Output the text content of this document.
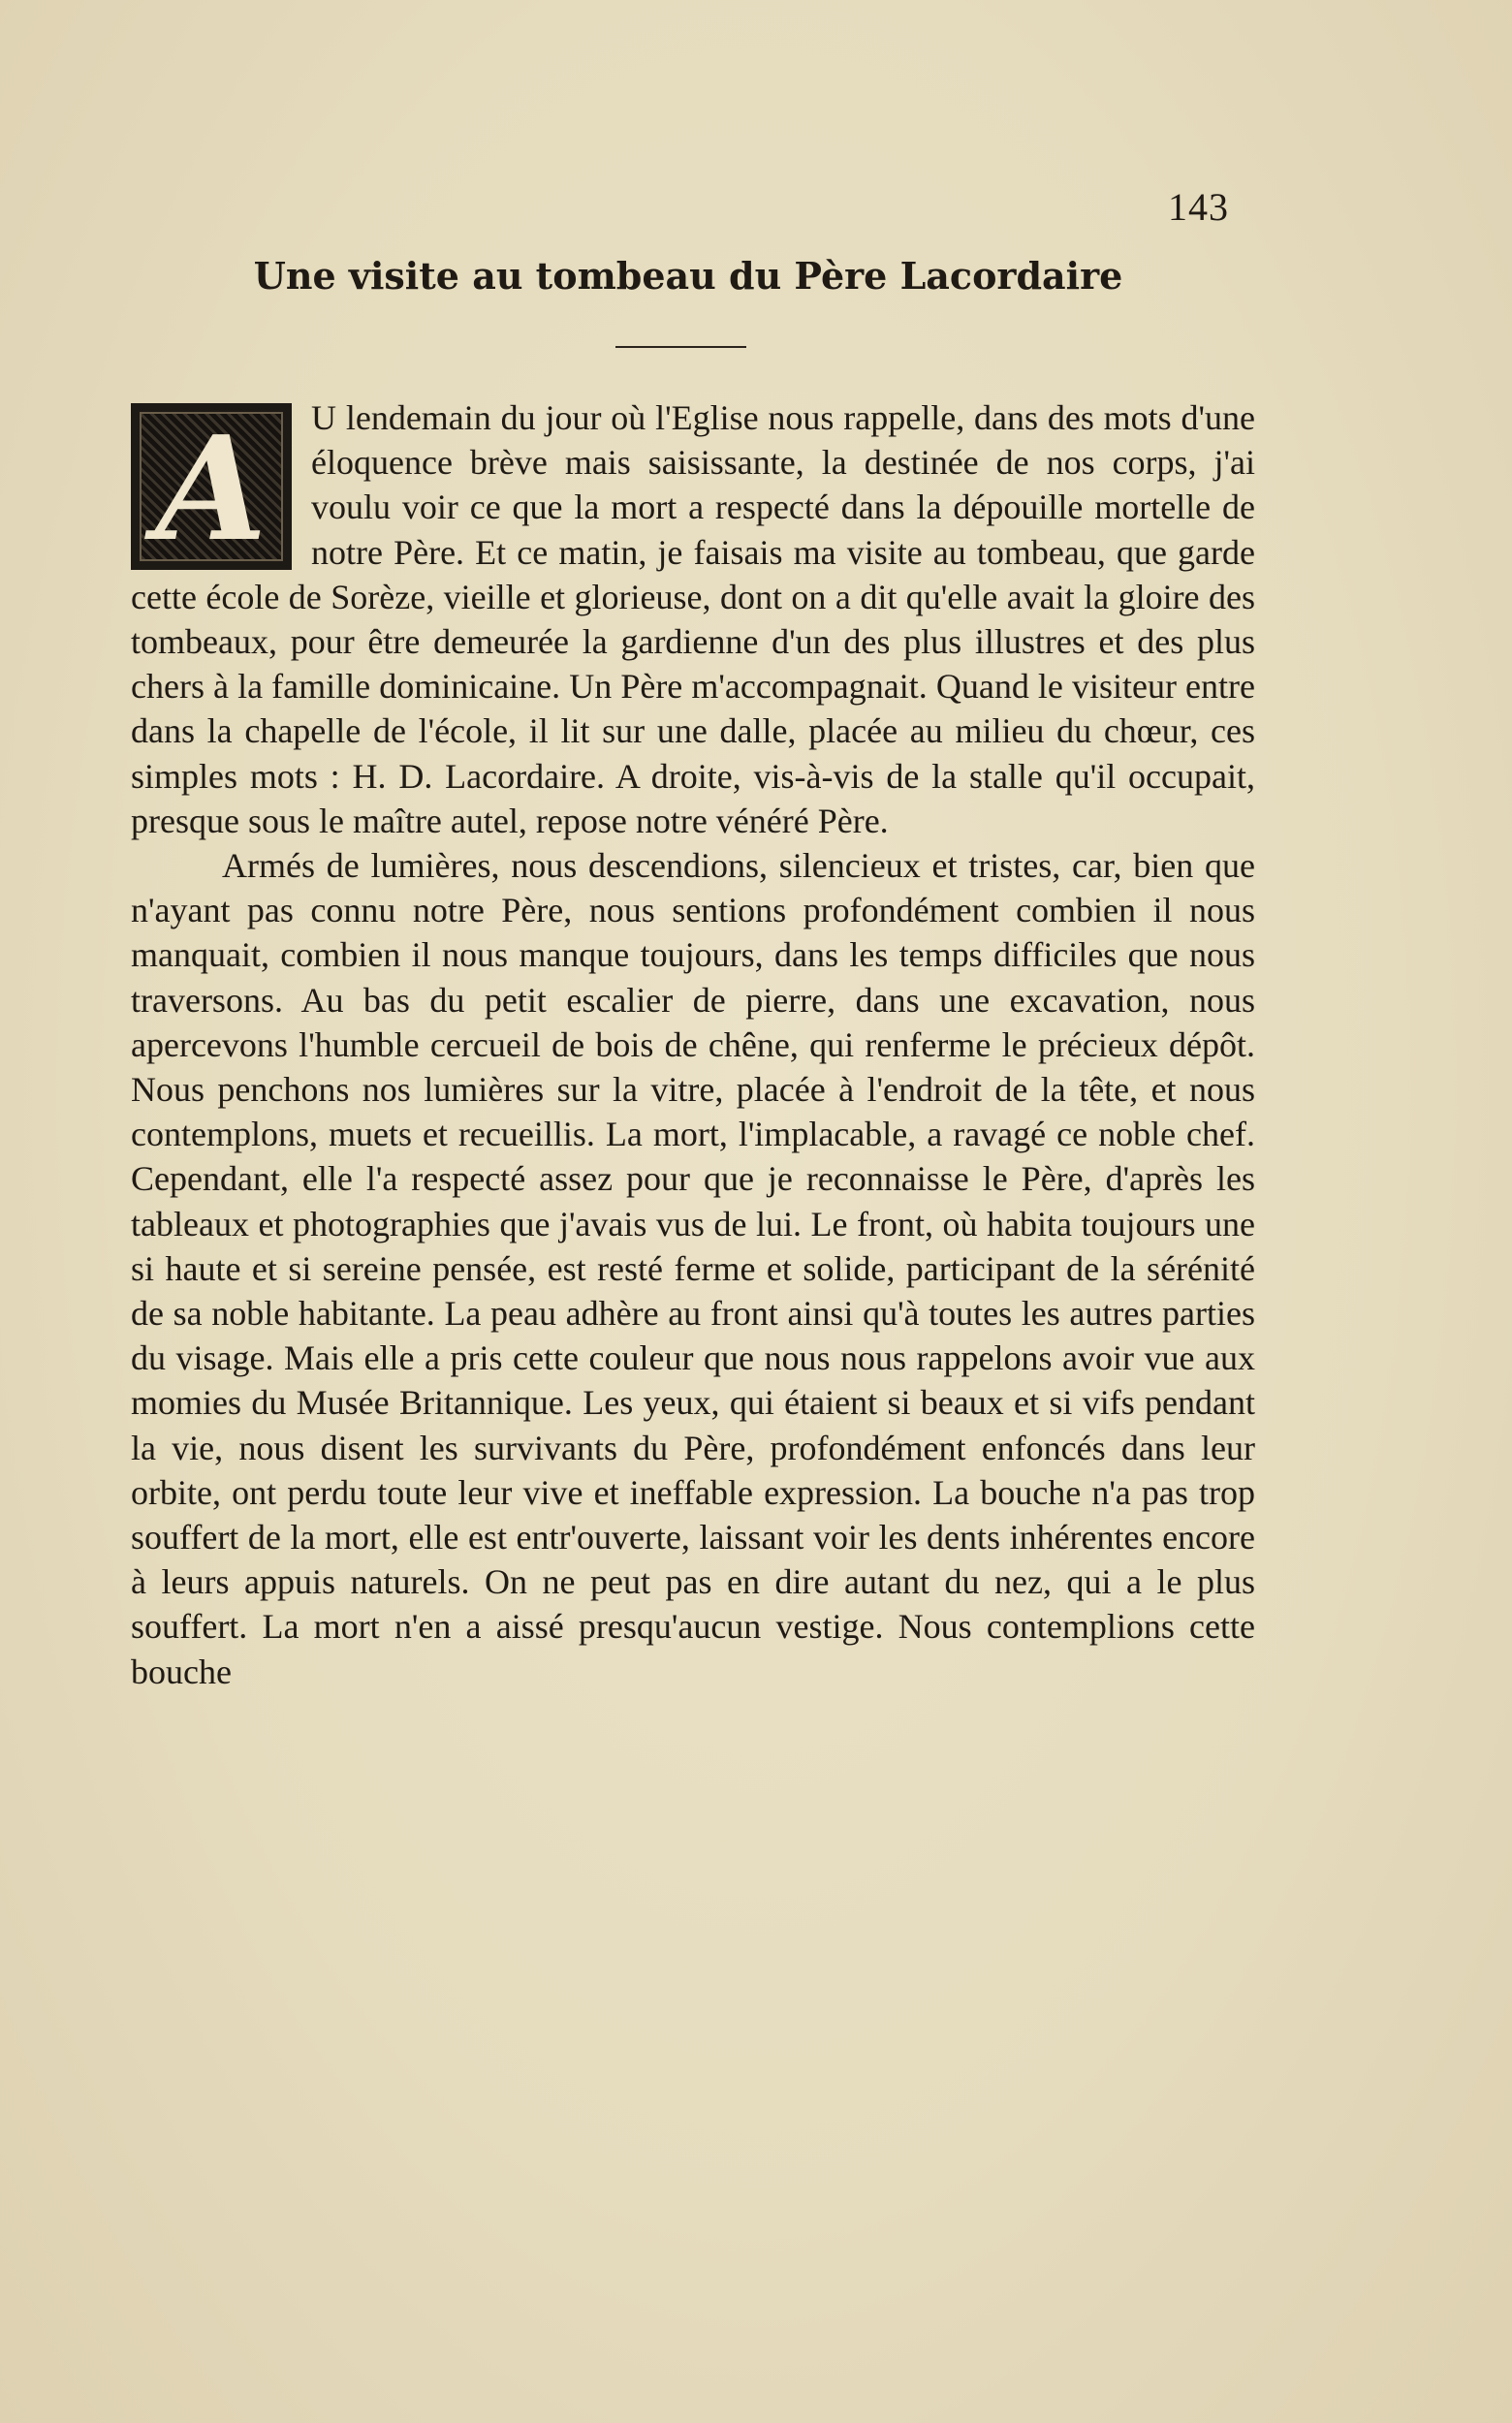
143
Une visite au tombeau du Père Lacordaire
A	U lendemain du jour où l'Eglise nous rappelle, dans des mots d'une éloquence brève mais saisissante, la destinée de nos corps, j'ai voulu voir ce que la mort a respecté dans la dépouille mortelle de notre Père. Et ce matin, je faisais ma visite au tombeau, que garde cette école de Sorèze, vieille et glorieuse, dont on a dit qu'elle avait la gloire des tombeaux, pour être demeurée la gardienne d'un des plus illustres et des plus chers à la famille dominicaine. Un Père m'accompagnait. Quand le visiteur entre dans la chapelle de l'école, il lit sur une dalle, placée au milieu du chœur, ces simples mots : H. D. Lacordaire. A droite, vis-à-vis de la stalle qu'il occupait, presque sous le maître autel, repose notre vénéré Père.

Armés de lumières, nous descendions, silencieux et tristes, car, bien que n'ayant pas connu notre Père, nous sentions profondément combien il nous manquait, combien il nous manque toujours, dans les temps difficiles que nous traversons. Au bas du petit escalier de pierre, dans une excavation, nous apercevons l'humble cercueil de bois de chêne, qui renferme le précieux dépôt. Nous penchons nos lumières sur la vitre, placée à l'endroit de la tête, et nous contemplons, muets et recueillis. La mort, l'implacable, a ravagé ce noble chef. Cependant, elle l'a respecté assez pour que je reconnaisse le Père, d'après les tableaux et photographies que j'avais vus de lui. Le front, où habita toujours une si haute et si sereine pensée, est resté ferme et solide, participant de la sérénité de sa noble habitante. La peau adhère au front ainsi qu'à toutes les autres parties du visage. Mais elle a pris cette couleur que nous nous rappelons avoir vue aux momies du Musée Britannique. Les yeux, qui étaient si beaux et si vifs pendant la vie, nous disent les survivants du Père, profondément enfoncés dans leur orbite, ont perdu toute leur vive et ineffable expression. La bouche n'a pas trop souffert de la mort, elle est entr'ouverte, laissant voir les dents inhérentes encore à leurs appuis naturels. On ne peut pas en dire autant du nez, qui a le plus souffert. La mort n'en a aissé presqu'aucun vestige. Nous contemplions cette bouche
